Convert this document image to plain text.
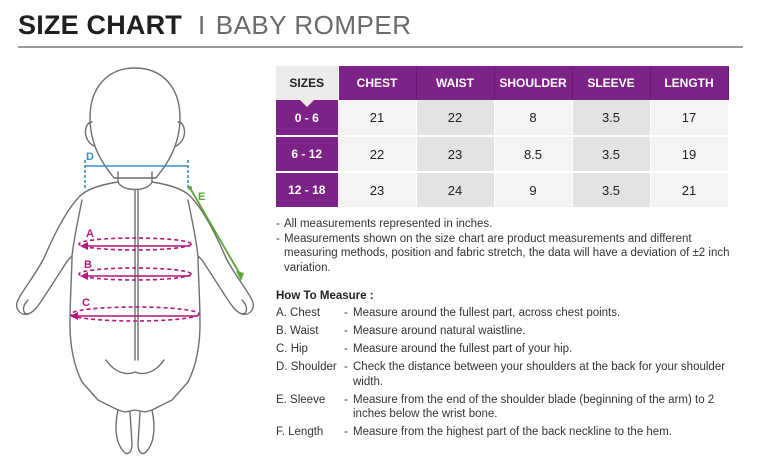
SIZE CHART I BABY ROMPER
D
E
A
B
C
SIZES	CHEST	WAIST	SHOULDER	SLEEVE	LENGTH
0 - 6	21	22	8	3.5	17
6 - 12	22	23	8.5	3.5	19
12 - 18	23	24	9	3.5	21
- All measurements represented in inches.
- Measurements shown on the size chart are product measurements and different measuring methods, position and fabric stretch, the data will have a deviation of ±2 inch variation.
How To Measure :
A. Chest	- Measure around the fullest part, across chest points.
B. Waist	- Measure around natural waistline.
C. Hip	- Measure around the fullest part of your hip.
D. Shoulder - Check the distance between your shoulders at the back for your shoulder width.
E. Sleeve	- Measure from the end of the shoulder blade (beginning of the arm) to 2 inches below the wrist bone.
F. Length	- Measure from the highest part of the back neckline to the hem.
